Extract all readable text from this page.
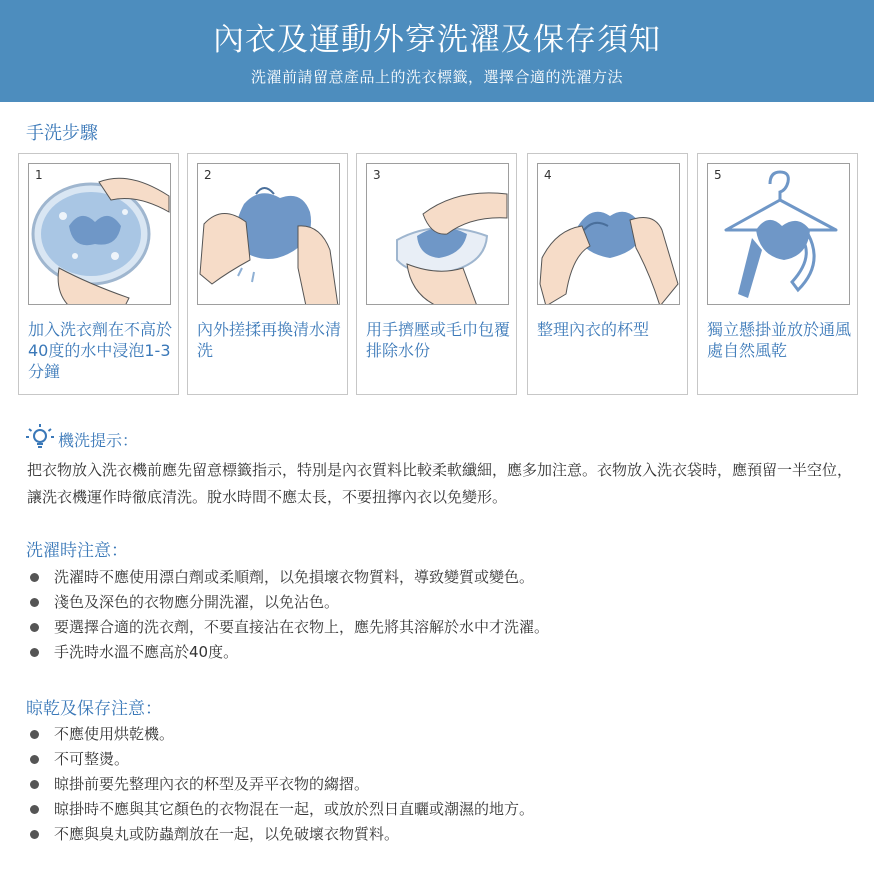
內衣及運動外穿洗濯及保存須知
洗濯前請留意產品上的洗衣標籤，選擇合適的洗濯方法
手洗步驟
1
加入洗衣劑在不高於40度的水中浸泡1-3分鐘
2
內外搓揉再換清水清洗
3
用手擠壓或毛巾包覆排除水份
4
整理內衣的杯型
5
獨立懸掛並放於通風處自然風乾
機洗提示：
把衣物放入洗衣機前應先留意標籤指示，特別是內衣質料比較柔軟纖細，應多加注意。衣物放入洗衣袋時，應預留一半空位，讓洗衣機運作時徹底清洗。脫水時間不應太長，不要扭擰內衣以免變形。
洗濯時注意：
洗濯時不應使用漂白劑或柔順劑，以免損壞衣物質料，導致變質或變色。
淺色及深色的衣物應分開洗濯，以免沾色。
要選擇合適的洗衣劑，不要直接沾在衣物上，應先將其溶解於水中才洗濯。
手洗時水溫不應高於40度。
晾乾及保存注意：
不應使用烘乾機。
不可整燙。
晾掛前要先整理內衣的杯型及弄平衣物的縐摺。
晾掛時不應與其它顏色的衣物混在一起，或放於烈日直曬或潮濕的地方。
不應與臭丸或防蟲劑放在一起，以免破壞衣物質料。
